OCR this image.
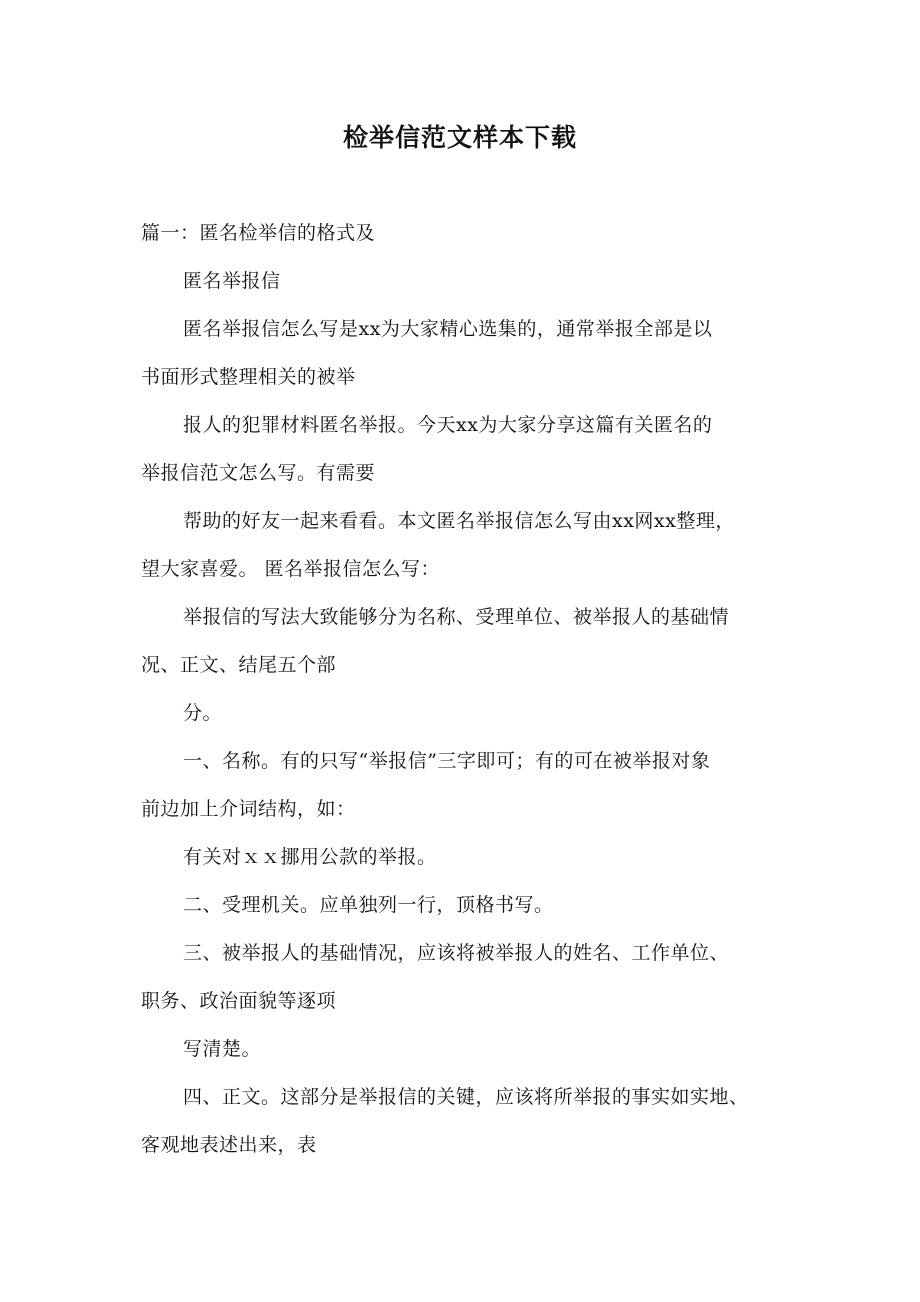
检举信范文样本下载
篇一：匿名检举信的格式及
匿名举报信
匿名举报信怎么写是xx为大家精心选集的，通常举报全部是以
书面形式整理相关的被举
报人的犯罪材料匿名举报。今天xx为大家分享这篇有关匿名的
举报信范文怎么写。有需要
帮助的好友一起来看看。本文匿名举报信怎么写由xx网xx整理，
望大家喜爱。 匿名举报信怎么写：
举报信的写法大致能够分为名称、受理单位、被举报人的基础情
况、正文、结尾五个部
分。
一、名称。有的只写“举报信”三字即可；有的可在被举报对象
前边加上介词结构，如：
有关对ｘｘ挪用公款的举报。
二、受理机关。应单独列一行，顶格书写。
三、被举报人的基础情况，应该将被举报人的姓名、工作单位、
职务、政治面貌等逐项
写清楚。
四、正文。这部分是举报信的关键，应该将所举报的事实如实地、
客观地表述出来，表
